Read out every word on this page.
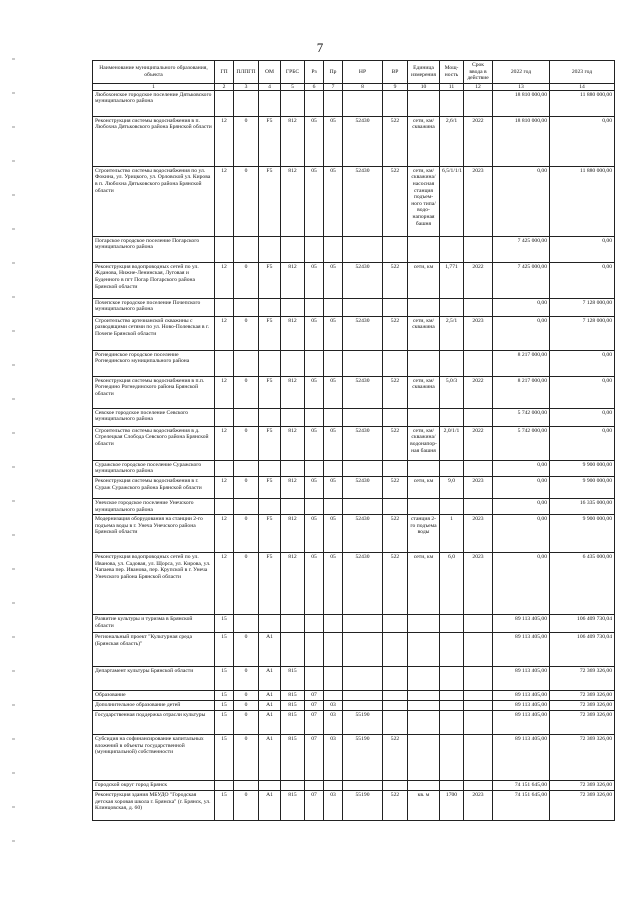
7
Наименование муниципального образования, объекта	ГП	ПЛПГП	ОМ	ГРБС	Рз	Пр	НР	ВР	Единица измерения	Мощ-ность	Срок ввода в действие	2022 год	2023 год
1	2	3	4	5	6	7	8	9	10	11	12	13	14
Любохонское городское поселение Дятьковского муниципального района												18 810 000,00	11 880 000,00
Реконструкция системы водоснабжения в п. Любохна Дятьковского района Брянской области	12	0	F5	812	05	05	52430	522	сети, км/ скважина	2,6/1	2022	18 810 000,00	0,00
Строительство системы водоснабжения по ул. Фокина, ул. Урицкого, ул. Орловской ул. Кирова в п. Любохна Дятьковского района Брянской области	12	0	F5	812	05	05	52430	522	сети, км/ скважина/ насосная станция подъем-ного типа/водо-напорная башня	6,5/1/1/1	2023	0,00	11 880 000,00
Погарское городское поселение Погарского муниципального района												7 425 000,00	0,00
Реконструкция водопроводных сетей по ул. Жданова, Нижне-Ленинская, Луговая и Буденного в пгт Погар Погарского района Брянской области	12	0	F5	812	05	05	52430	522	сети, км	1,771	2022	7 425 000,00	0,00
Почепское городское поселение Почепского муниципального района												0,00	7 128 000,00
Строительство артезианской скважины с разводящими сетями по ул. Ново-Полевская в г. Почепе Брянской области	12	0	F5	812	05	05	52430	522	сети, км/ скважина	2,5/1	2023	0,00	7 128 000,00
Рогнединское городское поселение Рогнединского муниципального района												8 217 000,00	0,00
Реконструкция системы водоснабжения в п.п. Рогнедино Рогнединского района Брянской области	12	0	F5	812	05	05	52430	522	сети, км/ скважина	5,0/3	2022	8 217 000,00	0,00
Севское городское поселение Севского муниципального района												5 742 000,00	0,00
Строительство системы водоснабжения в д. Стрелецкая Слобода Севского района Брянской области	12	0	F5	812	05	05	52430	522	сети, км/ скважина/ водонапор-ная башня	2,0/1/1	2022	5 742 000,00	0,00
Суражское городское поселение Суражского муниципального района												0,00	9 900 000,00
Реконструкция системы водоснабжения в г. Сураж Суражского района Брянской области	12	0	F5	812	05	05	52430	522	сети, км	9,0	2023	0,00	9 900 000,00
Унечское городское поселение Унечского муниципального района												0,00	16 335 000,00
Модернизация оборудования на станции 2-го подъема воды в г. Унеча Унечского района Брянской области	12	0	F5	812	05	05	52430	522	станция 2-го подъема воды	1	2023	0,00	9 900 000,00
Реконструкция водопроводных сетей по ул. Иванова, ул. Садовая, ул. Щорса, ул. Кирова, ул. Чапаева пер. Иванова, пер. Крупской в г. Унеча Унечского района Брянской области	12	0	F5	812	05	05	52430	522	сети, км	6,0	2023	0,00	6 435 000,00
Развитие культуры и туризма в Брянской области	15											89 113 405,00	106 409 730,04
Региональный проект "Культурная среда (Брянская область)"	15	0	A1									89 113 405,00	106 409 730,04
Департамент культуры Брянской области	15	0	A1	815								89 113 405,00	72 369 326,00
Образование	15	0	A1	815	07							89 113 405,00	72 369 326,00
Дополнительное образование детей	15	0	A1	815	07	03						89 113 405,00	72 369 326,00
Государственная поддержка отрасли культуры	15	0	A1	815	07	03	55190					89 113 405,00	72 369 326,00
Субсидия на софинансирование капитальных вложений в объекты государственной (муниципальной) собственности	15	0	A1	815	07	03	55190	522				89 113 405,00	72 369 326,00
Городской округ город Брянск												74 151 645,00	72 369 326,00
Реконструкция здания МБУДО "Городская детская хоровая школа г. Брянска" (г. Брянск, ул. Клинцовская, д. 60)	15	0	A1	815	07	03	55190	522	кв. м	1700	2023	74 151 645,00	72 369 326,00
